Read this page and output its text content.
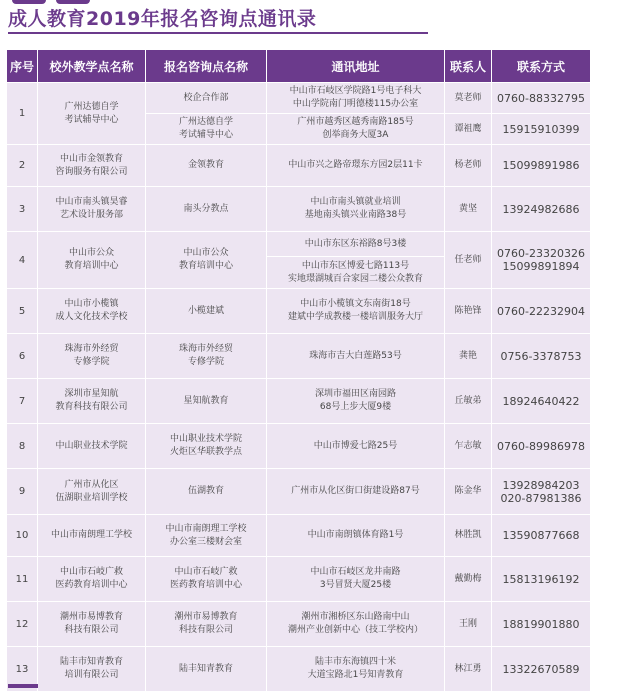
成人教育2019年报名咨询点通讯录
序号	校外教学点名称	报名咨询点名称	通讯地址	联系人	联系方式
1	广州达德自学
考试辅导中心	校企合作部	中山市石岐区学院路1号电子科大
中山学院南门明德楼115办公室	莫老师	0760-88332795

		广州达德自学
考试辅导中心	广州市越秀区越秀南路185号
创举商务大厦3A	谭祖鹰	15915910399

2	中山市金领教育
咨询服务有限公司	金领教育	中山市兴之路帝璟东方园2层11卡	杨老师	15099891986

3	中山市南头镇昊睿
艺术设计服务部	南头分教点	中山市南头镇就业培训
基地南头镇兴业南路38号	黄坚	13924982686

4	中山市公众
教育培训中心	中山市公众
教育培训中心	中山市东区东裕路8号3楼	任老师	0760-23320326
15099891894

			中山市东区博爱七路113号
实地璟湖城百合家园二楼公众教育		

5	中山市小榄镇
成人文化技术学校	小榄建斌	中山市小榄镇文东南街18号
建斌中学成教楼一楼培训服务大厅	陈艳锋	0760-22232904

6	珠海市外经贸
专修学院	珠海市外经贸
专修学院	珠海市吉大白莲路53号	龚艳	0756-3378753

7	深圳市星知航
教育科技有限公司	星知航教育	深圳市福田区南园路
68号上步大厦9楼	丘敏弟	18924640422

8	中山职业技术学院	中山职业技术学院
火炬区华联教学点	中山市博爱七路25号	乍志敏	0760-89986978

9	广州市从化区
伍湖职业培训学校	伍湖教育	广州市从化区街口街建设路87号	陈金华	13928984203
020-87981386

10	中山市南朗理工学校	中山市南朗理工学校
办公室三楼财会室	中山市南朗镇体育路1号	林胜凯	13590877668

11	中山市石岐广救
医药教育培训中心	中山市石岐广救
医药教育培训中心	中山市石岐区龙井南路
3号冒贤大厦25楼	戴勤梅	15813196192

12	潮州市易博教育
科技有限公司	潮州市易博教育
科技有限公司	潮州市湘桥区东山路南中山
潮州产业创新中心（技工学校内）	王刚	18819901880

13	陆丰市知青教育
培训有限公司	陆丰知青教育	陆丰市东海镇四十米
大道宝路北1号知青教育	林江勇	13322670589
